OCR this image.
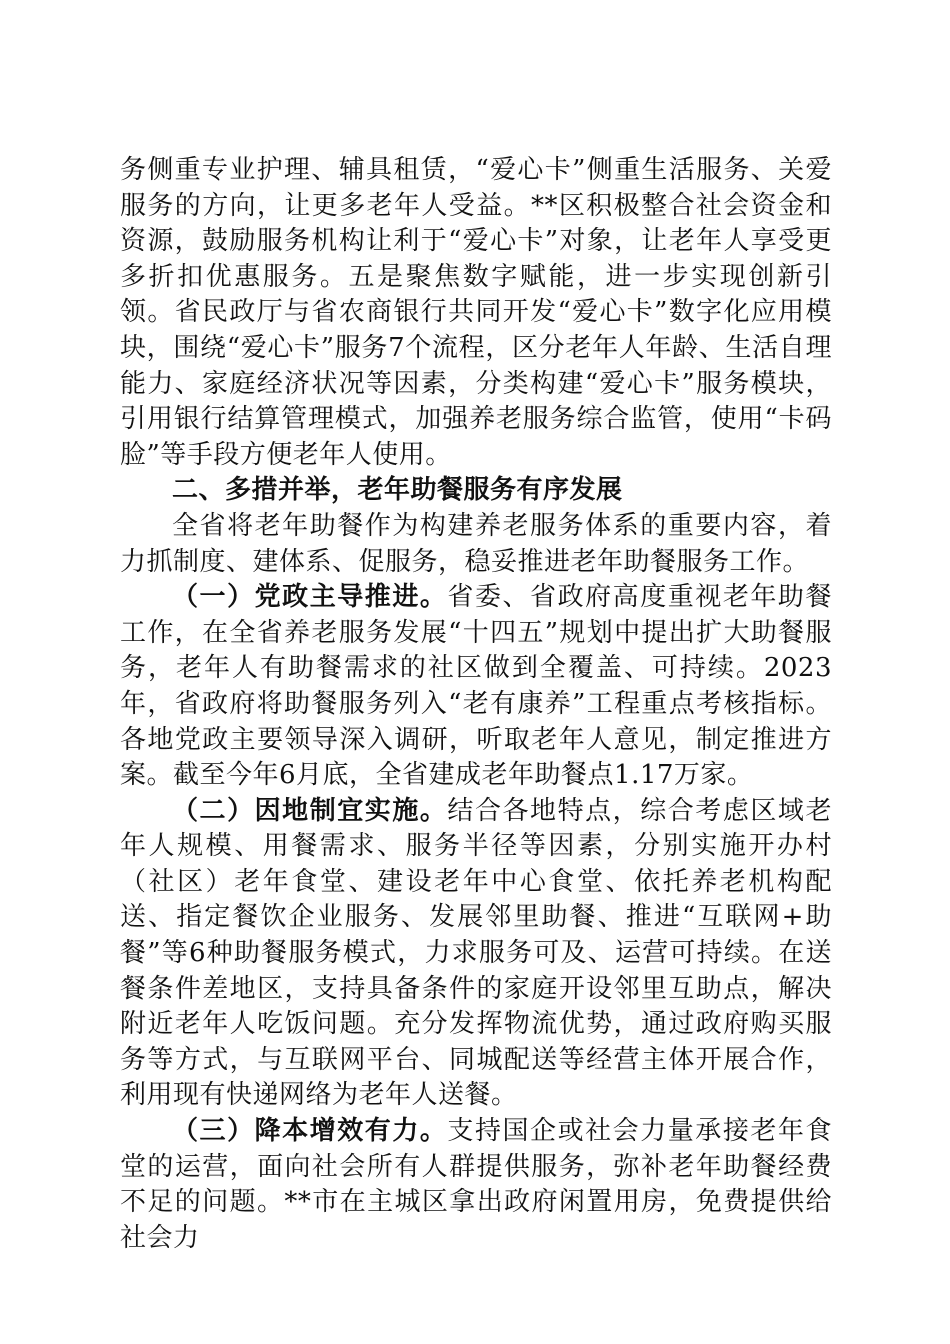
务侧重专业护理、辅具租赁，“爱心卡”侧重生活服务、关爱服务的方向，让更多老年人受益。**区积极整合社会资金和资源，鼓励服务机构让利于“爱心卡”对象，让老年人享受更多折扣优惠服务。五是聚焦数字赋能，进一步实现创新引领。省民政厅与省农商银行共同开发“爱心卡”数字化应用模块，围绕“爱心卡”服务7个流程，区分老年人年龄、生活自理能力、家庭经济状况等因素，分类构建“爱心卡”服务模块，引用银行结算管理模式，加强养老服务综合监管，使用“卡码脸”等手段方便老年人使用。

二、多措并举，老年助餐服务有序发展

全省将老年助餐作为构建养老服务体系的重要内容，着力抓制度、建体系、促服务，稳妥推进老年助餐服务工作。

（一）党政主导推进。省委、省政府高度重视老年助餐工作，在全省养老服务发展“十四五”规划中提出扩大助餐服务，老年人有助餐需求的社区做到全覆盖、可持续。2023年，省政府将助餐服务列入“老有康养”工程重点考核指标。各地党政主要领导深入调研，听取老年人意见，制定推进方案。截至今年6月底，全省建成老年助餐点1.17万家。

（二）因地制宜实施。结合各地特点，综合考虑区域老年人规模、用餐需求、服务半径等因素，分别实施开办村（社区）老年食堂、建设老年中心食堂、依托养老机构配送、指定餐饮企业服务、发展邻里助餐、推进“互联网+助餐”等6种助餐服务模式，力求服务可及、运营可持续。在送餐条件差地区，支持具备条件的家庭开设邻里互助点，解决附近老年人吃饭问题。充分发挥物流优势，通过政府购买服务等方式，与互联网平台、同城配送等经营主体开展合作，利用现有快递网络为老年人送餐。

（三）降本增效有力。支持国企或社会力量承接老年食堂的运营，面向社会所有人群提供服务，弥补老年助餐经费不足的问题。**市在主城区拿出政府闲置用房，免费提供给社会力
